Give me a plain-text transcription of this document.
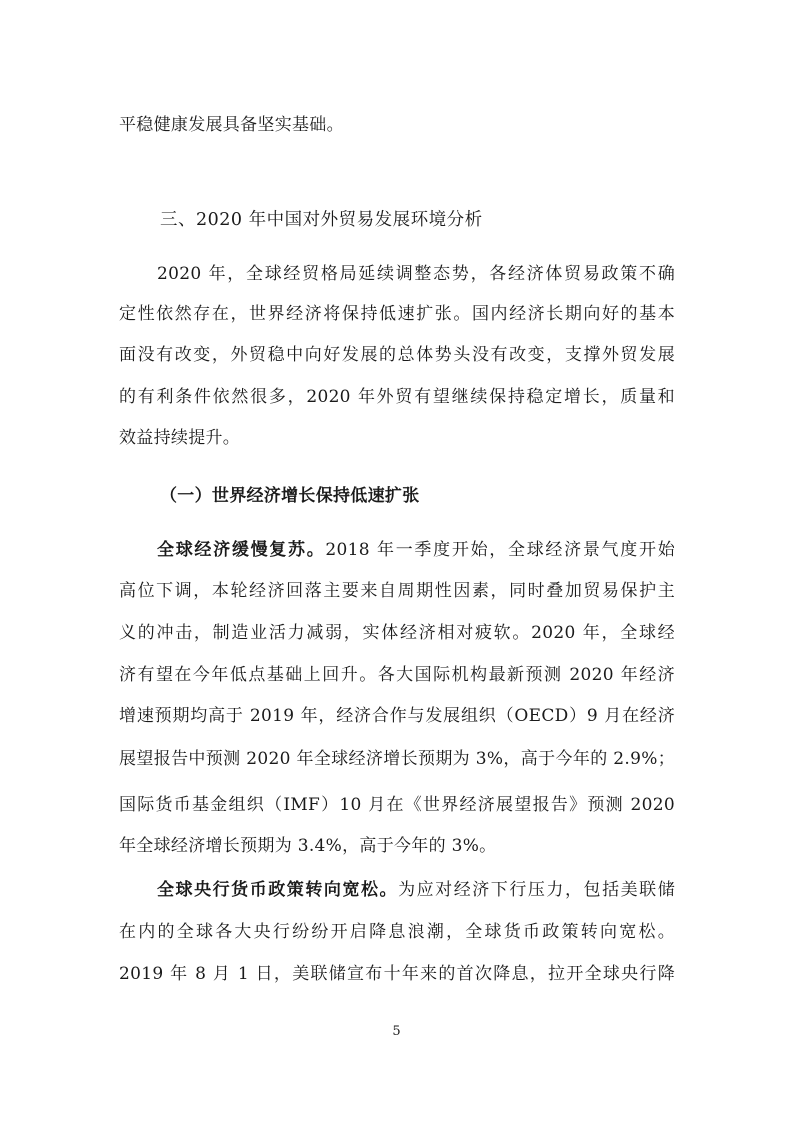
平稳健康发展具备坚实基础。
三、2020 年中国对外贸易发展环境分析
2020 年，全球经贸格局延续调整态势，各经济体贸易政策不确
定性依然存在，世界经济将保持低速扩张。国内经济长期向好的基本
面没有改变，外贸稳中向好发展的总体势头没有改变，支撑外贸发展
的有利条件依然很多，2020 年外贸有望继续保持稳定增长，质量和
效益持续提升。
（一）世界经济增长保持低速扩张
全球经济缓慢复苏。2018 年一季度开始，全球经济景气度开始
高位下调，本轮经济回落主要来自周期性因素，同时叠加贸易保护主
义的冲击，制造业活力减弱，实体经济相对疲软。2020 年，全球经
济有望在今年低点基础上回升。各大国际机构最新预测 2020 年经济
增速预期均高于 2019 年，经济合作与发展组织（OECD）9 月在经济
展望报告中预测 2020 年全球经济增长预期为 3%，高于今年的 2.9%；
国际货币基金组织（IMF）10 月在《世界经济展望报告》预测 2020
年全球经济增长预期为 3.4%，高于今年的 3%。
全球央行货币政策转向宽松。为应对经济下行压力，包括美联储
在内的全球各大央行纷纷开启降息浪潮，全球货币政策转向宽松。
2019 年 8 月 1 日，美联储宣布十年来的首次降息，拉开全球央行降
5
